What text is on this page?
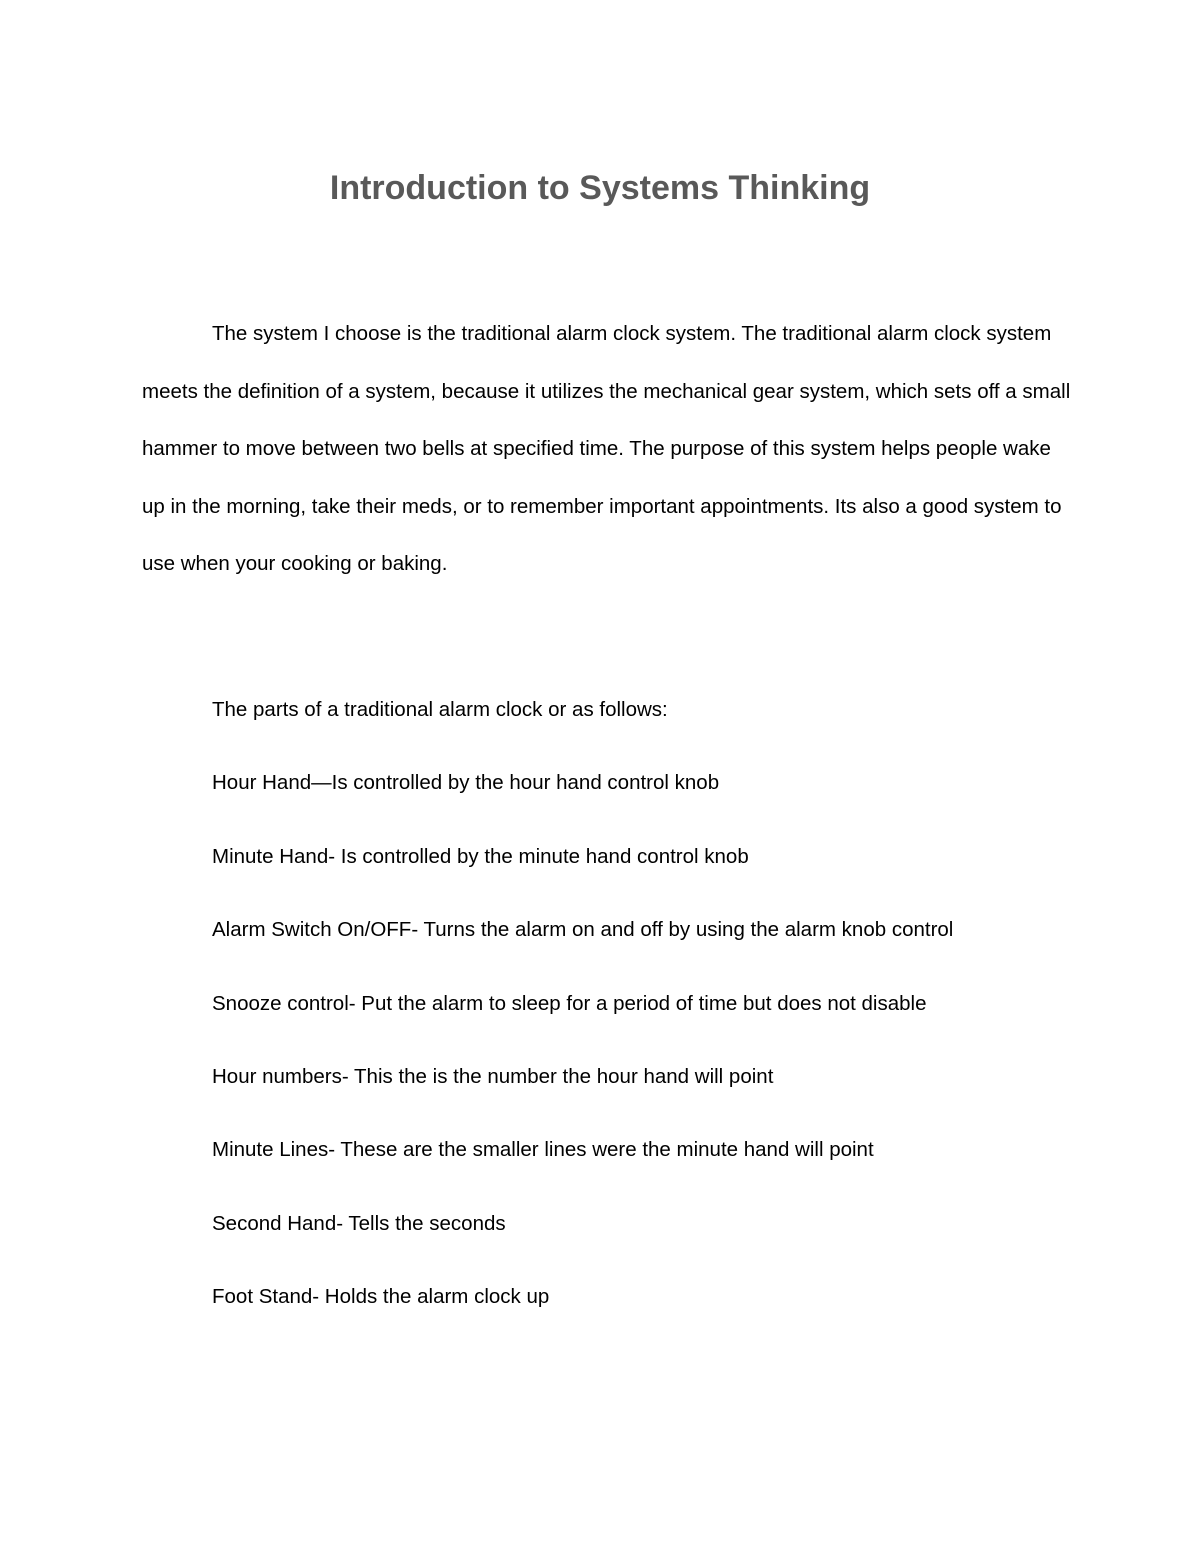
Introduction to Systems Thinking

The system I choose is the traditional alarm clock system. The traditional alarm clock system meets the definition of a system, because it utilizes the mechanical gear system, which sets off a small hammer to move between two bells at specified time. The purpose of this system helps people wake up in the morning, take their meds, or to remember important appointments. Its also a good system to use when your cooking or baking.

The parts of a traditional alarm clock or as follows:
Hour Hand—Is controlled by the hour hand control knob
Minute Hand- Is controlled by the minute hand control knob
Alarm Switch On/OFF- Turns the alarm on and off by using the alarm knob control
Snooze control- Put the alarm to sleep for a period of time but does not disable
Hour numbers- This the is the number the hour hand will point
Minute Lines- These are the smaller lines were the minute hand will point
Second Hand- Tells the seconds
Foot Stand- Holds the alarm clock up
